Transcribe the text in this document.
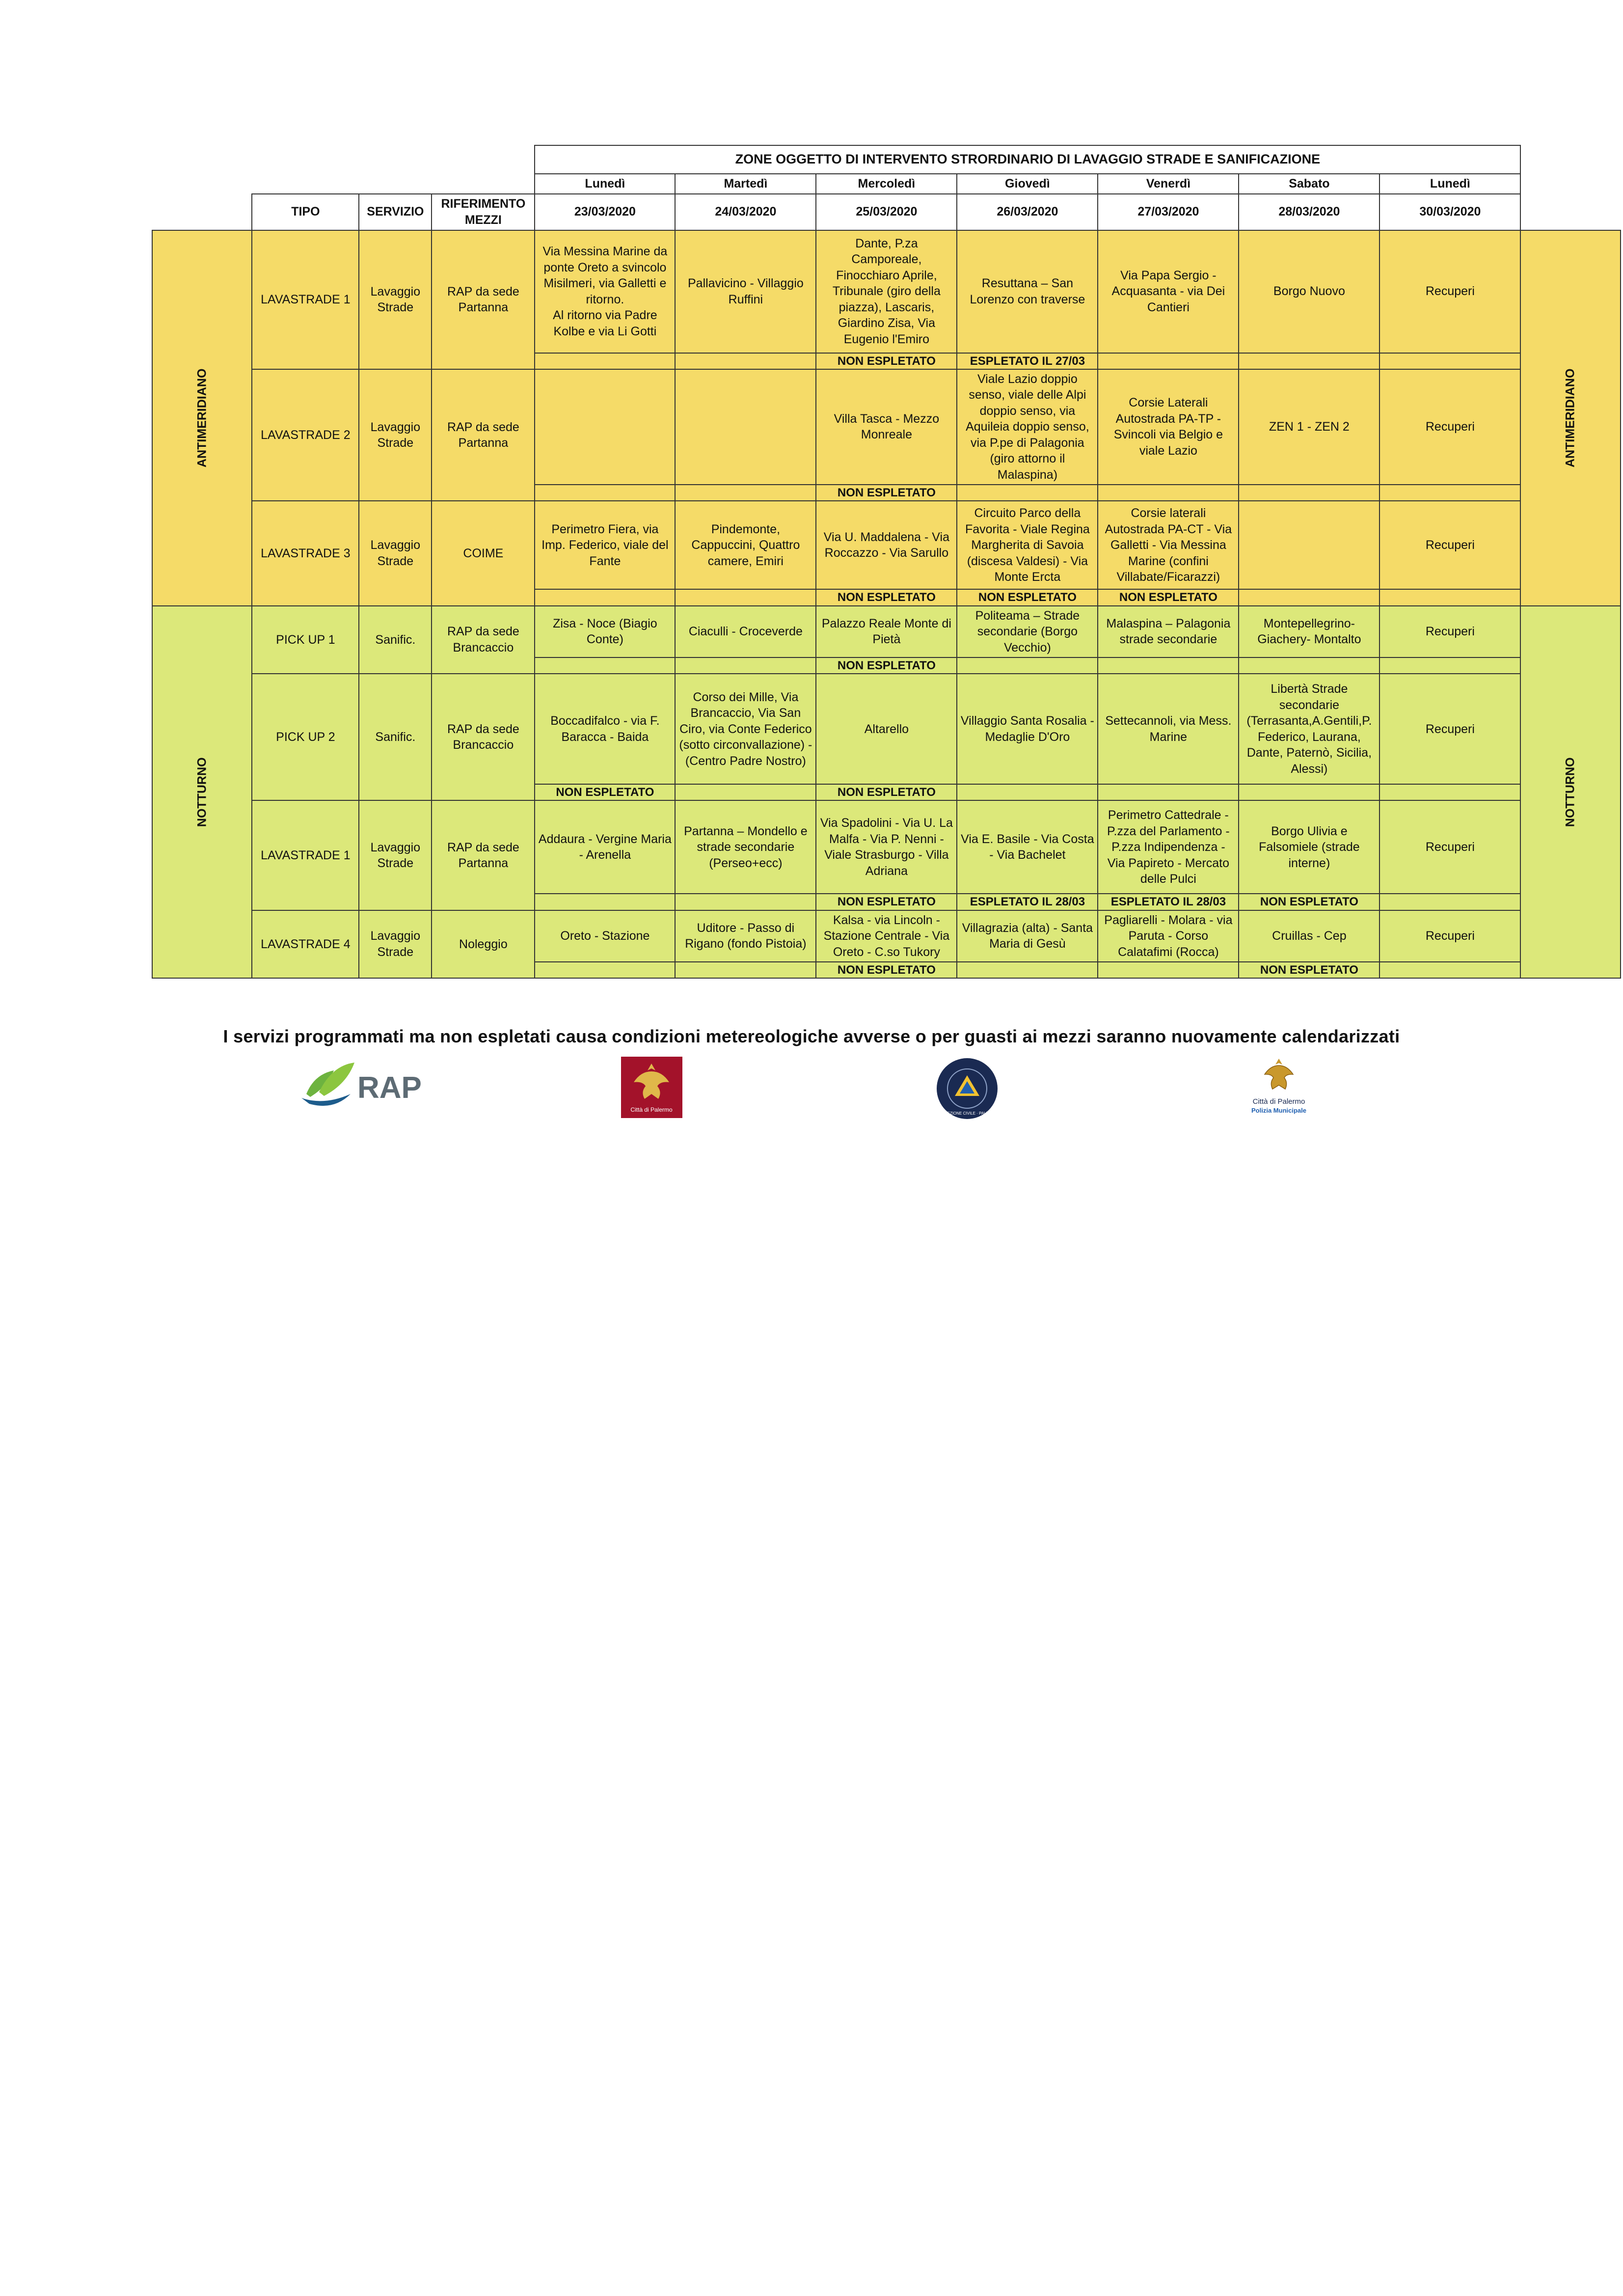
				ZONE OGGETTO DI INTERVENTO STRORDINARIO DI LAVAGGIO STRADE E SANIFICAZIONE							
				Lunedì	Martedì	Mercoledì	Giovedì	Venerdì	Sabato	Lunedì	
	TIPO	SERVIZIO	RIFERIMENTO MEZZI	23/03/2020	24/03/2020	25/03/2020	26/03/2020	27/03/2020	28/03/2020	30/03/2020	
ANTIMERIDIANO	LAVASTRADE 1	Lavaggio Strade	RAP da sede Partanna	Via Messina Marine da ponte Oreto a svincolo Misilmeri, via Galletti e ritorno.
Al ritorno via Padre Kolbe e via Li Gotti	Pallavicino - Villaggio Ruffini	Dante, P.za Camporeale, Finocchiaro Aprile, Tribunale (giro della piazza), Lascaris, Giardino Zisa, Via Eugenio l'Emiro	Resuttana – San Lorenzo con traverse	Via Papa Sergio - Acquasanta - via Dei Cantieri	Borgo Nuovo	Recuperi	ANTIMERIDIANO
						NON ESPLETATO	ESPLETATO IL 27/03				
	LAVASTRADE 2	Lavaggio Strade	RAP da sede Partanna			Villa Tasca - Mezzo Monreale	Viale Lazio doppio senso, viale delle Alpi doppio senso, via Aquileia doppio senso, via P.pe di Palagonia (giro attorno il Malaspina)	Corsie Laterali Autostrada PA-TP - Svincoli via Belgio e viale Lazio	ZEN 1 - ZEN 2	Recuperi	
						NON ESPLETATO					
	LAVASTRADE 3	Lavaggio Strade	COIME	Perimetro Fiera, via Imp. Federico, viale del Fante	Pindemonte, Cappuccini, Quattro camere, Emiri	Via U. Maddalena - Via Roccazzo - Via Sarullo	Circuito Parco della Favorita - Viale Regina Margherita di Savoia (discesa Valdesi) - Via Monte Ercta	Corsie laterali Autostrada PA-CT - Via Galletti - Via Messina Marine (confini Villabate/Ficarazzi)		Recuperi	
						NON ESPLETATO	NON ESPLETATO	NON ESPLETATO			
NOTTURNO	PICK UP 1	Sanific.	RAP da sede Brancaccio	Zisa - Noce (Biagio Conte)	Ciaculli - Croceverde	Palazzo Reale Monte di Pietà	Politeama – Strade secondarie (Borgo Vecchio)	Malaspina – Palagonia strade secondarie	Montepellegrino- Giachery- Montalto	Recuperi	NOTTURNO
						NON ESPLETATO					
	PICK UP 2	Sanific.	RAP da sede Brancaccio	Boccadifalco - via F. Baracca - Baida	Corso dei Mille, Via Brancaccio, Via San Ciro, via Conte Federico (sotto circonvallazione) - (Centro Padre Nostro)	Altarello	Villaggio Santa Rosalia - Medaglie D'Oro	Settecannoli, via Mess. Marine	Libertà Strade secondarie (Terrasanta,A.Gentili,P. Federico, Laurana, Dante, Paternò, Sicilia, Alessi)	Recuperi	
				NON ESPLETATO		NON ESPLETATO					
	LAVASTRADE 1	Lavaggio Strade	RAP da sede Partanna	Addaura - Vergine Maria - Arenella	Partanna – Mondello e strade secondarie (Perseo+ecc)	Via Spadolini - Via U. La Malfa - Via P. Nenni - Viale Strasburgo - Villa Adriana	Via E. Basile - Via Costa - Via Bachelet	Perimetro Cattedrale - P.zza del Parlamento - P.zza Indipendenza - Via Papireto - Mercato delle Pulci	Borgo Ulivia e Falsomiele (strade interne)	Recuperi	
						NON ESPLETATO	ESPLETATO IL 28/03	ESPLETATO IL 28/03	NON ESPLETATO		
	LAVASTRADE 4	Lavaggio Strade	Noleggio	Oreto - Stazione	Uditore - Passo di Rigano (fondo Pistoia)	Kalsa - via Lincoln - Stazione Centrale - Via Oreto - C.so Tukory	Villagrazia (alta) - Santa Maria di Gesù	Pagliarelli - Molara - via Paruta - Corso Calatafimi (Rocca)	Cruillas - Cep	Recuperi	
						NON ESPLETATO			NON ESPLETATO		
I servizi programmati ma non espletati causa condizioni metereologiche avverse o per guasti ai mezzi saranno nuovamente calendarizzati
RAP
Città di Palermo
PROTEZIONE CIVILE · PALERMO
Città di Palermo
Polizia Municipale
